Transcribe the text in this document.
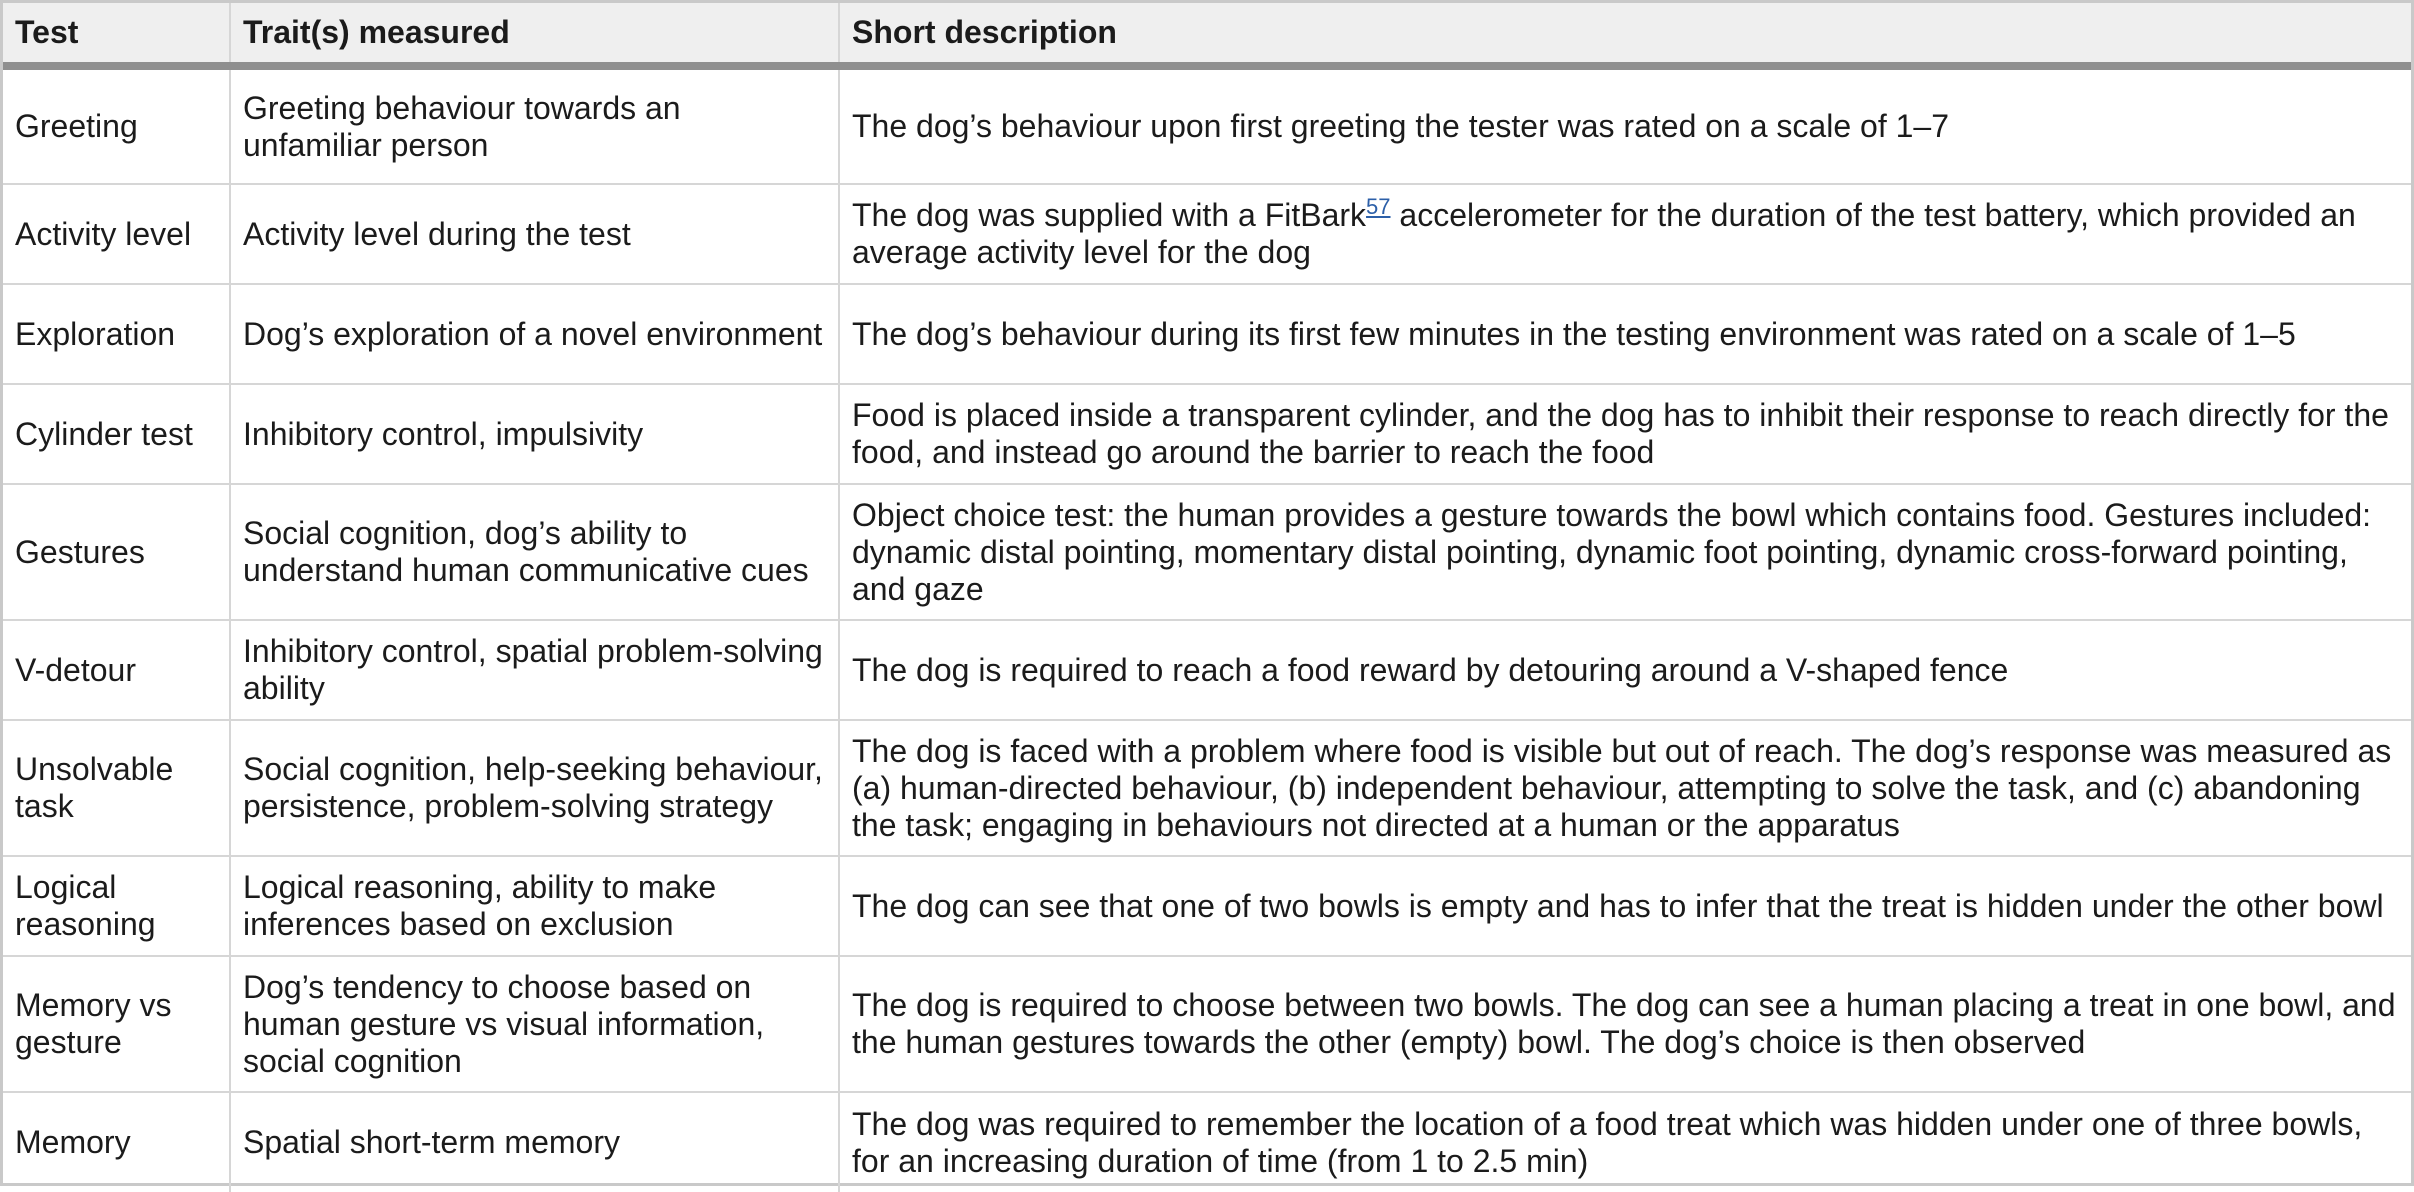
Test	Trait(s) measured	Short description
Greeting	Greeting behaviour towards an unfamiliar person	The dog’s behaviour upon first greeting the tester was rated on a scale of 1–7
Activity level	Activity level during the test	The dog was supplied with a FitBark$^{57}$ accelerometer for the duration of the test battery, which provided an average activity level for the dog
Exploration	Dog’s exploration of a novel environment	The dog’s behaviour during its first few minutes in the testing environment was rated on a scale of 1–5
Cylinder test	Inhibitory control, impulsivity	Food is placed inside a transparent cylinder, and the dog has to inhibit their response to reach directly for the food, and instead go around the barrier to reach the food
Gestures	Social cognition, dog’s ability to understand human communicative cues	Object choice test: the human provides a gesture towards the bowl which contains food. Gestures included: dynamic distal pointing, momentary distal pointing, dynamic foot pointing, dynamic cross-forward pointing, and gaze
V-detour	Inhibitory control, spatial problem-solving ability	The dog is required to reach a food reward by detouring around a V-shaped fence
Unsolvable task	Social cognition, help-seeking behaviour, persistence, problem-solving strategy	The dog is faced with a problem where food is visible but out of reach. The dog’s response was measured as (a) human-directed behaviour, (b) independent behaviour, attempting to solve the task, and (c) abandoning the task; engaging in behaviours not directed at a human or the apparatus
Logical reasoning	Logical reasoning, ability to make inferences based on exclusion	The dog can see that one of two bowls is empty and has to infer that the treat is hidden under the other bowl
Memory vs gesture	Dog’s tendency to choose based on human gesture vs visual information, social cognition	The dog is required to choose between two bowls. The dog can see a human placing a treat in one bowl, and the human gestures towards the other (empty) bowl. The dog’s choice is then observed
Memory	Spatial short-term memory	The dog was required to remember the location of a food treat which was hidden under one of three bowls, for an increasing duration of time (from 1 to 2.5 min)
